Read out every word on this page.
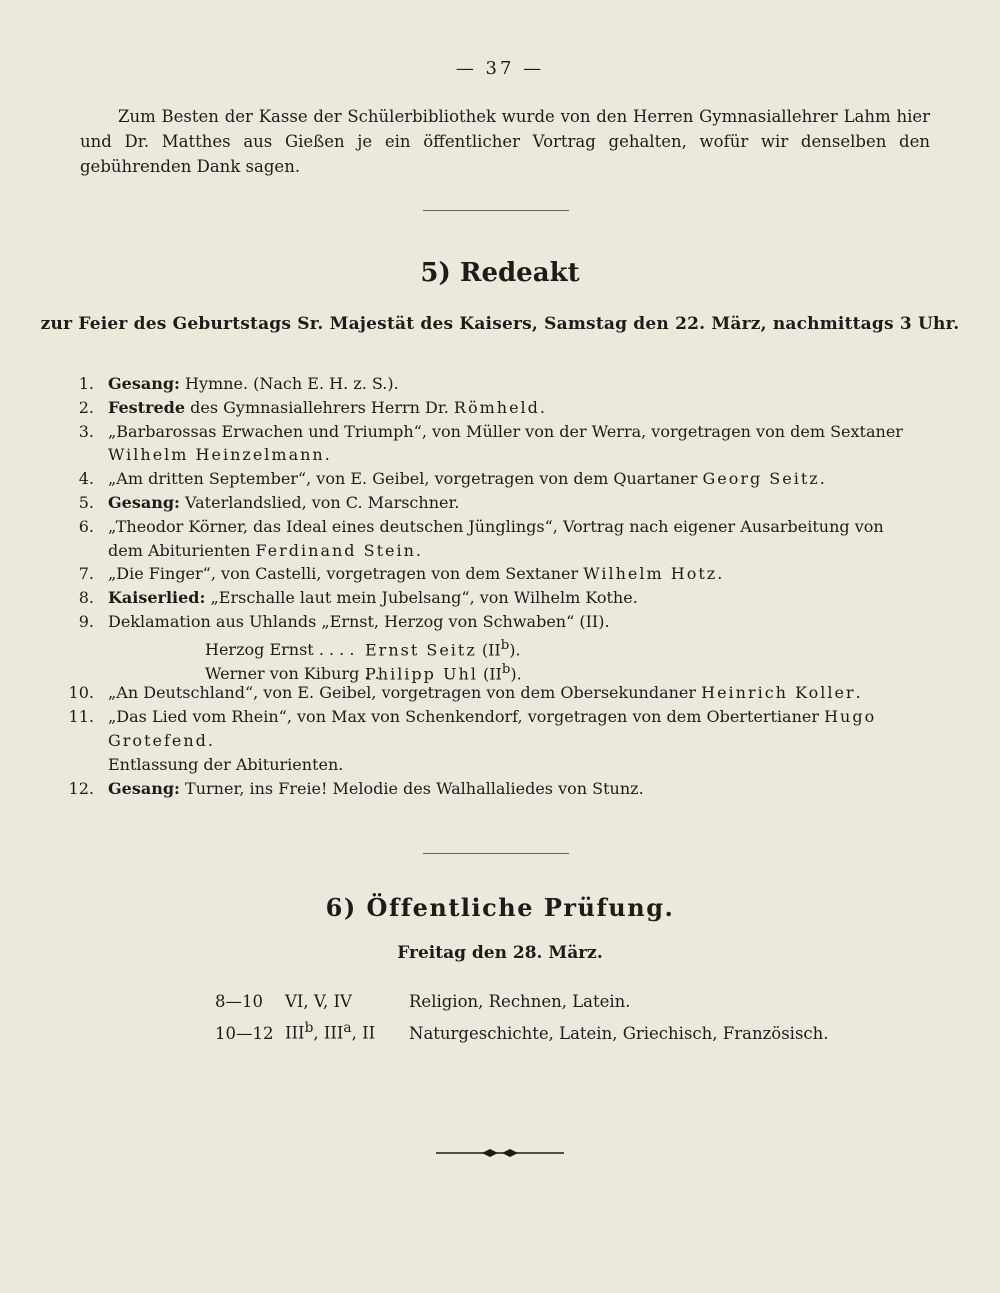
— 37 —

Zum Besten der Kasse der Schülerbibliothek wurde von den Herren Gymnasiallehrer Lahm hier und Dr. Matthes aus Gießen je ein öffentlicher Vortrag gehalten, wofür wir denselben den gebührenden Dank sagen.

5) Redeakt
zur Feier des Geburtstags Sr. Majestät des Kaisers, Samstag den 22. März, nachmittags 3 Uhr.
1. Gesang: Hymne. (Nach E. H. z. S.).
2. Festrede des Gymnasiallehrers Herrn Dr. Römheld.
3. „Barbarossas Erwachen und Triumph“, von Müller von der Werra, vorgetragen von dem Sextaner
Wilhelm Heinzelmann.
4. „Am dritten September“, von E. Geibel, vorgetragen von dem Quartaner Georg Seitz.
5. Gesang: Vaterlandslied, von C. Marschner.
6. „Theodor Körner, das Ideal eines deutschen Jünglings“, Vortrag nach eigener Ausarbeitung von
dem Abiturienten Ferdinand Stein.
7. „Die Finger“, von Castelli, vorgetragen von dem Sextaner Wilhelm Hotz.
8. Kaiserlied: „Erschalle laut mein Jubelsang“, von Wilhelm Kothe.
9. Deklamation aus Uhlands „Ernst, Herzog von Schwaben“ (II).
Herzog Ernst . . . . Ernst Seitz $(II^b)$.
Werner von Kiburg . .Philipp Uhl $(II^b)$.
10. „An Deutschland“, von E. Geibel, vorgetragen von dem Obersekundaner Heinrich Koller.
11. „Das Lied vom Rhein“, von Max von Schenkendorf, vorgetragen von dem Obertertianer Hugo
Grotefend.
Entlassung der Abiturienten.
12. Gesang: Turner, ins Freie! Melodie des Walhallaliedes von Stunz.
6) Öffentliche Prüfung.
Freitag den 28. März.
8—10 VI, V, IV	Religion, Rechnen, Latein.
10—12 III$^b$, III$^a$, II Naturgeschichte, Latein, Griechisch, Französisch.
